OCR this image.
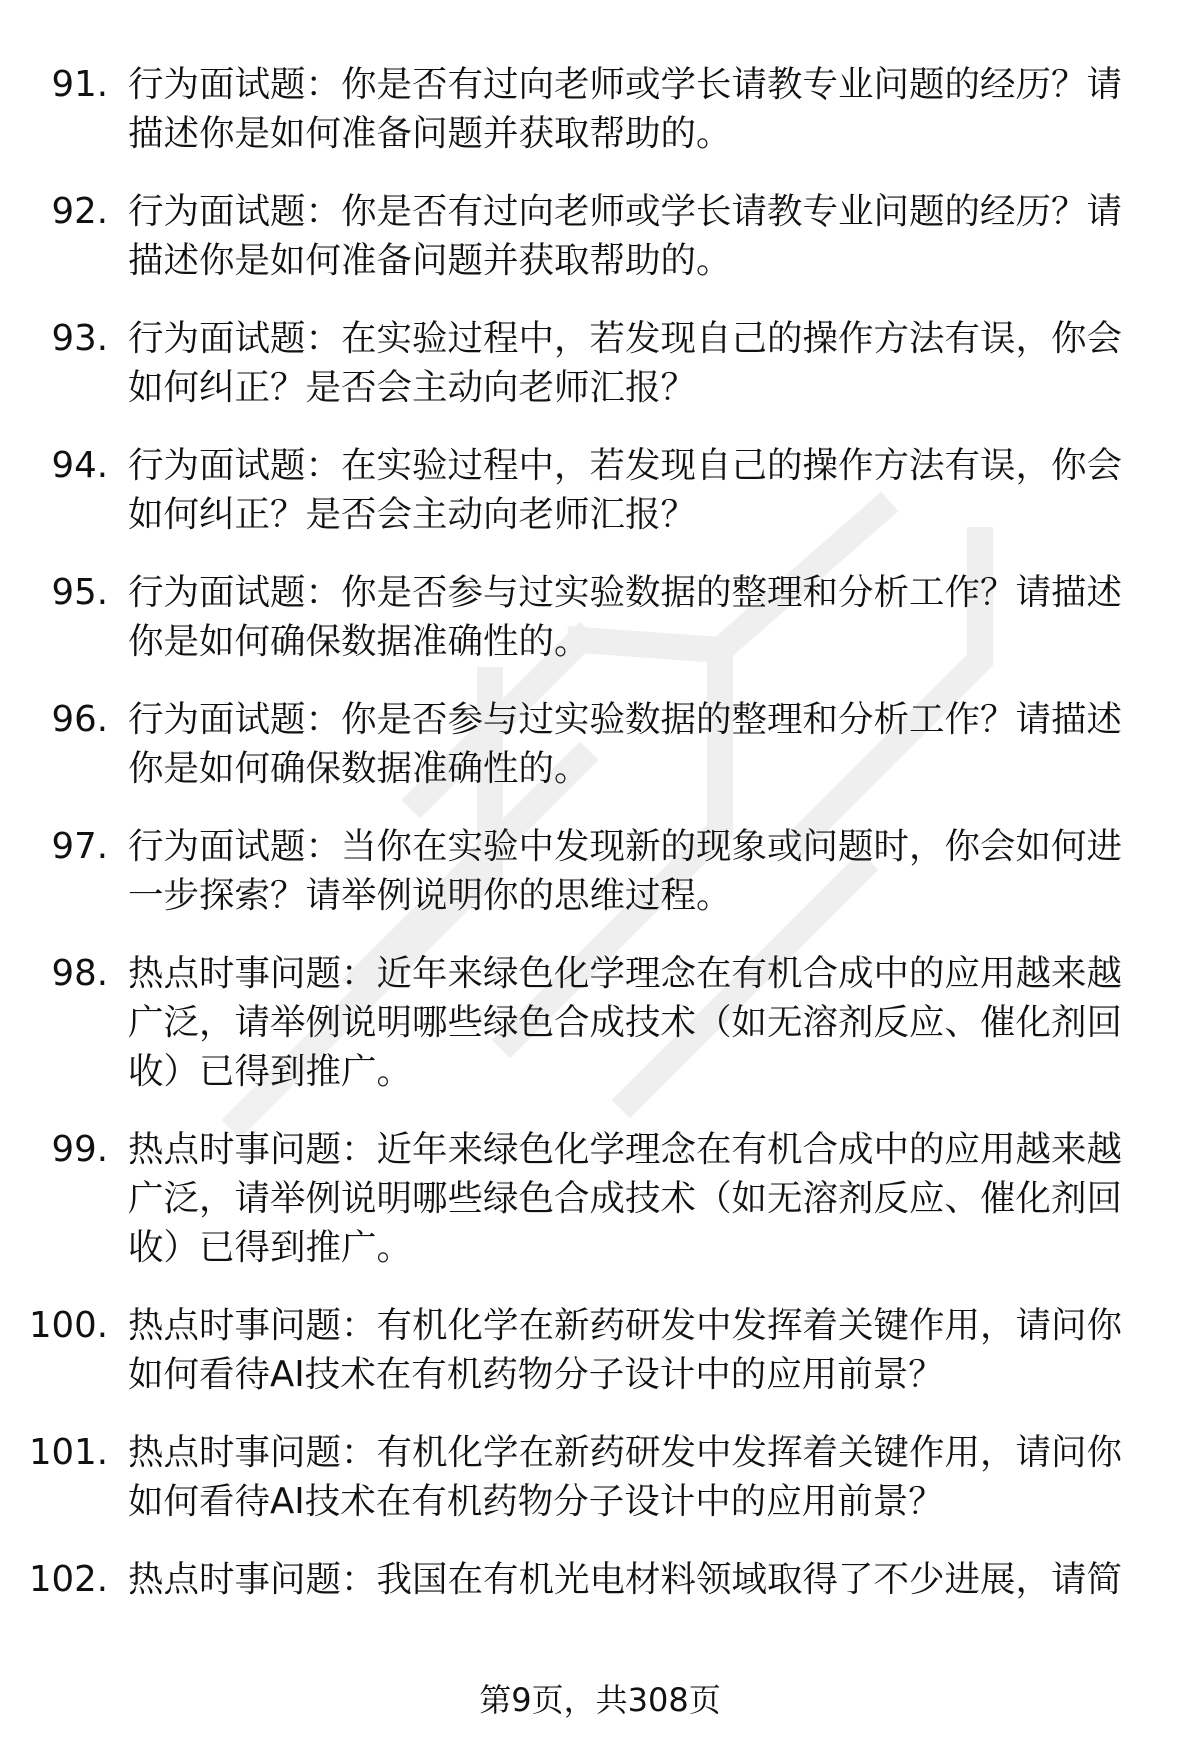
91. 行为面试题：你是否有过向老师或学长请教专业问题的经历？请
描述你是如何准备问题并获取帮助的。
92. 行为面试题：你是否有过向老师或学长请教专业问题的经历？请
描述你是如何准备问题并获取帮助的。
93. 行为面试题：在实验过程中，若发现自己的操作方法有误，你会
如何纠正？是否会主动向老师汇报？
94. 行为面试题：在实验过程中，若发现自己的操作方法有误，你会
如何纠正？是否会主动向老师汇报？
95. 行为面试题：你是否参与过实验数据的整理和分析工作？请描述
你是如何确保数据准确性的。
96. 行为面试题：你是否参与过实验数据的整理和分析工作？请描述
你是如何确保数据准确性的。
97. 行为面试题：当你在实验中发现新的现象或问题时，你会如何进
一步探索？请举例说明你的思维过程。
98. 热点时事问题：近年来绿色化学理念在有机合成中的应用越来越
广泛，请举例说明哪些绿色合成技术（如无溶剂反应、催化剂回
收）已得到推广。
99. 热点时事问题：近年来绿色化学理念在有机合成中的应用越来越
广泛，请举例说明哪些绿色合成技术（如无溶剂反应、催化剂回
收）已得到推广。
100. 热点时事问题：有机化学在新药研发中发挥着关键作用，请问你
如何看待AI技术在有机药物分子设计中的应用前景？
101. 热点时事问题：有机化学在新药研发中发挥着关键作用，请问你
如何看待AI技术在有机药物分子设计中的应用前景？
102. 热点时事问题：我国在有机光电材料领域取得了不少进展，请简
第9页，共308页
